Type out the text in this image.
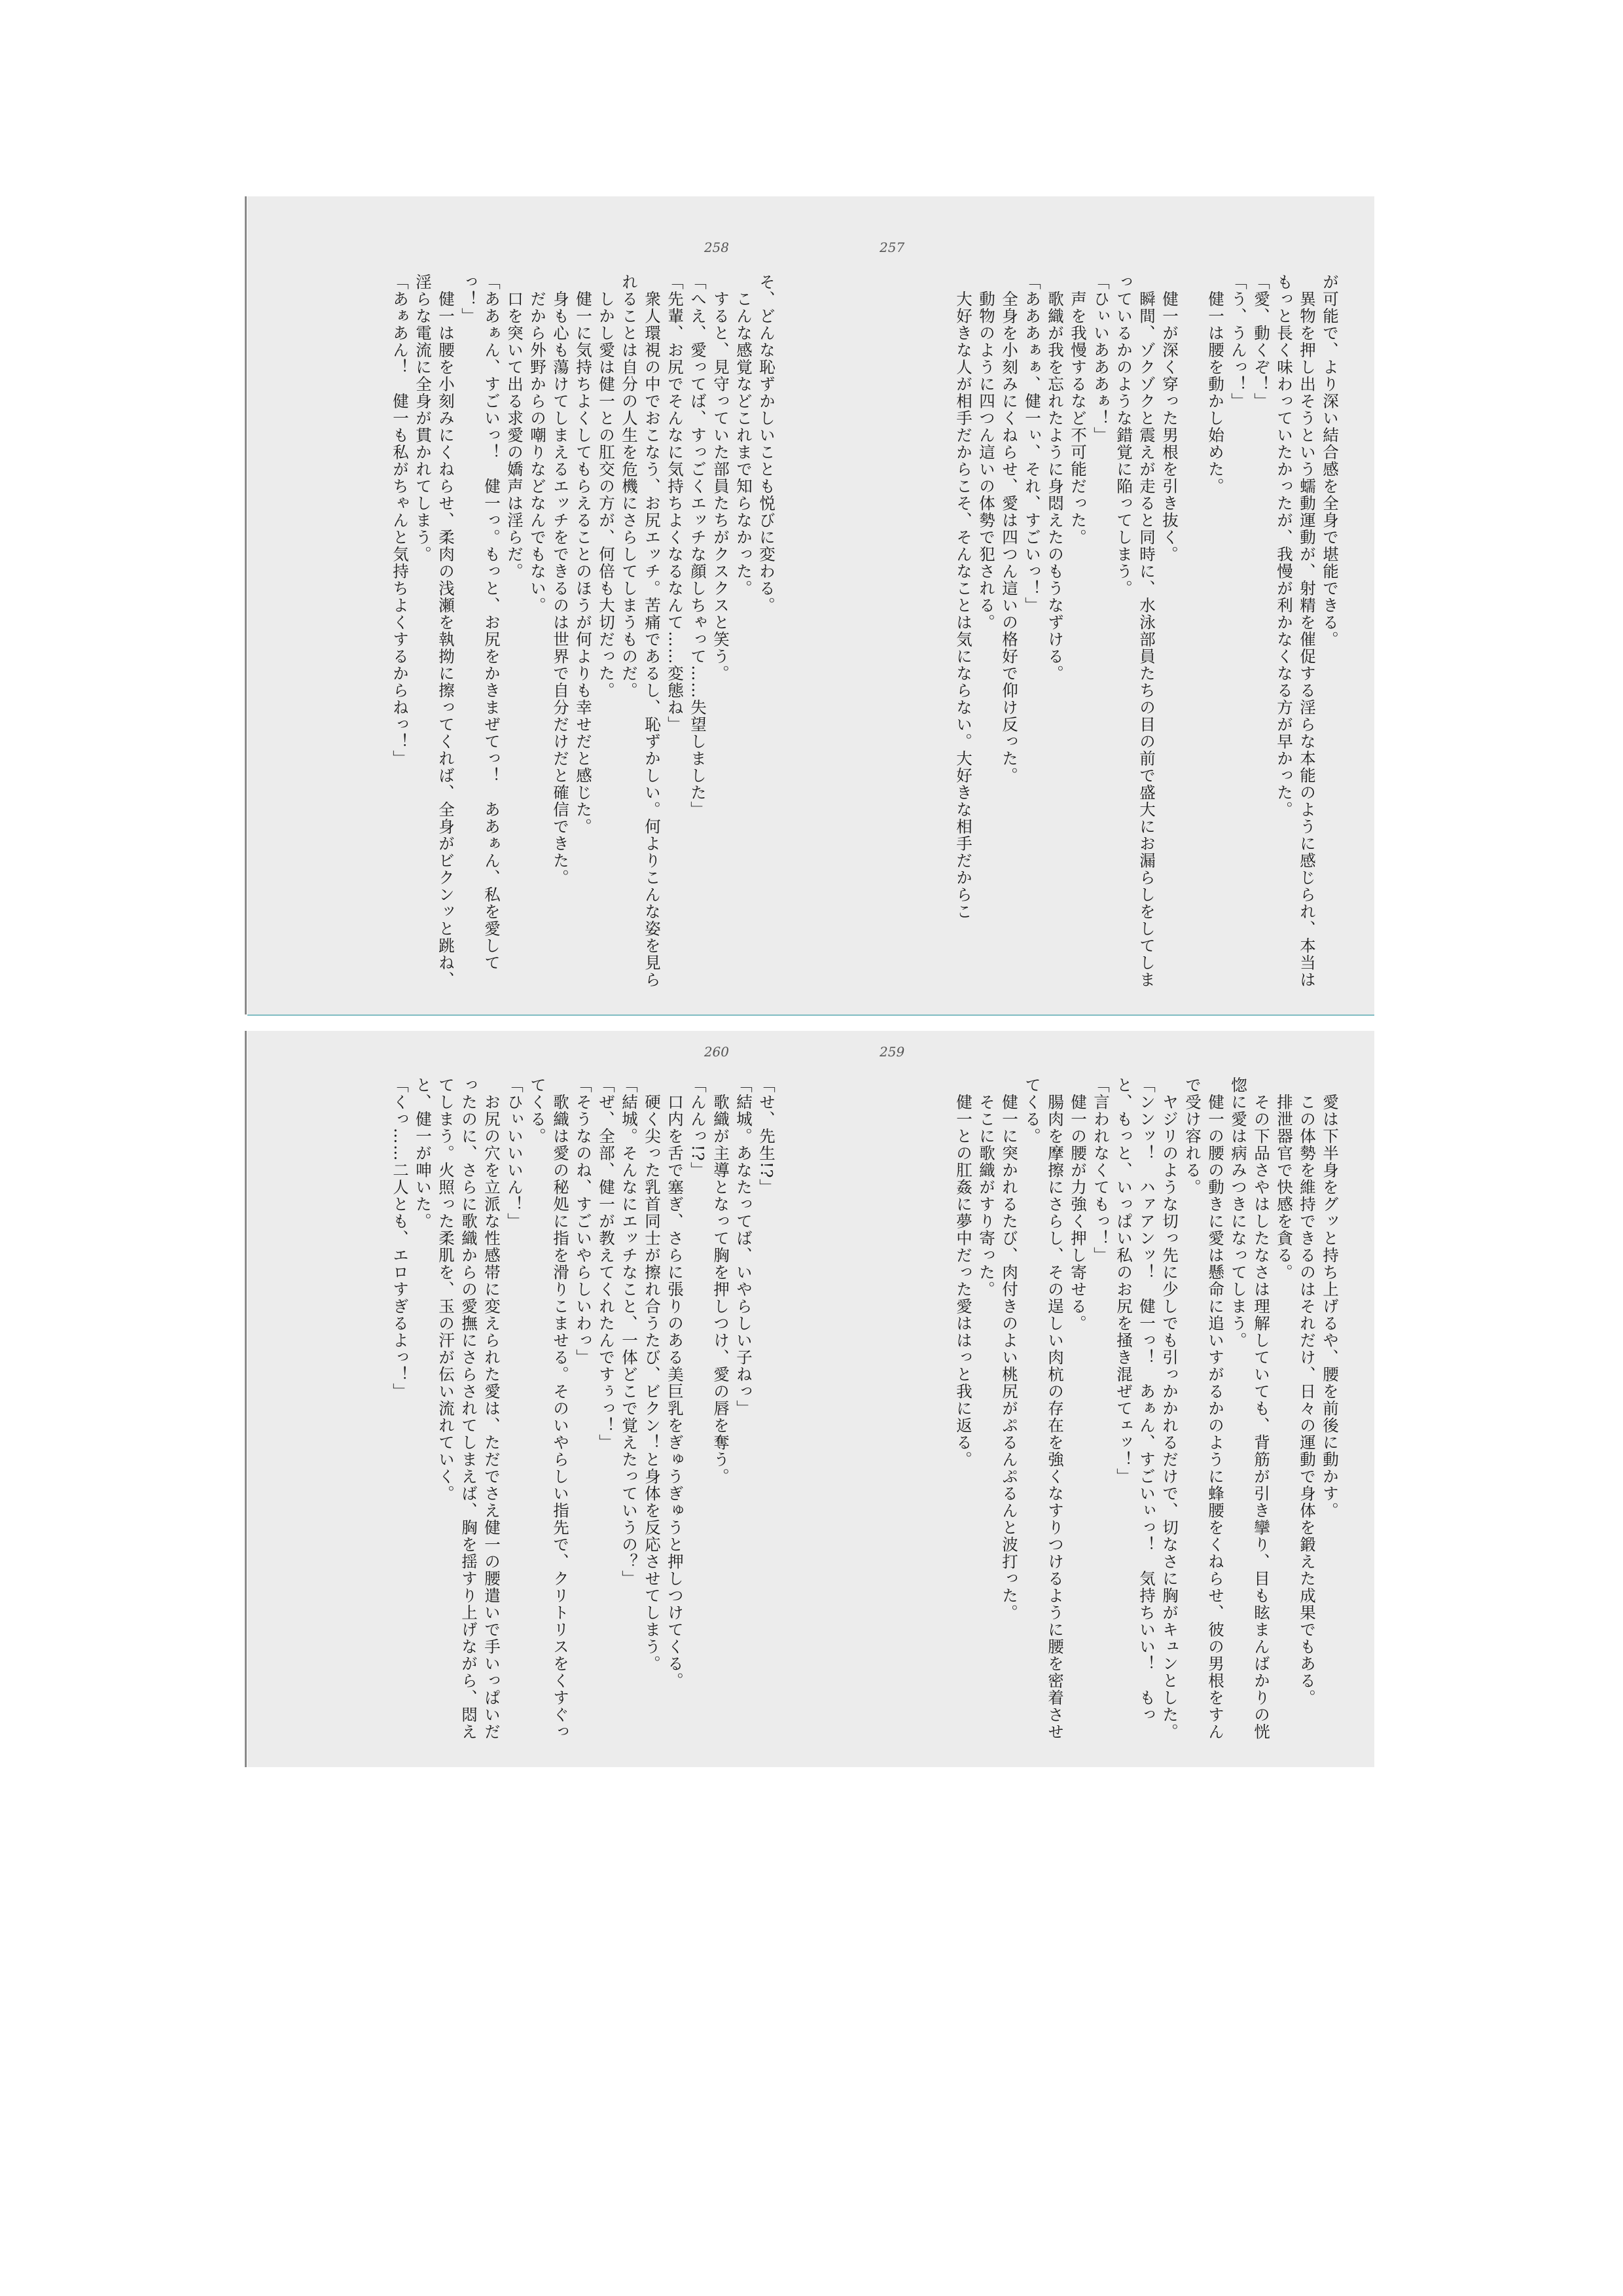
258

そ、どんな恥ずかしいことも悦びに変わる。

　こんな感覚などこれまで知らなかった。

　すると、見守っていた部員たちがクスクスと笑う。

「へえ、愛ってば、すっごくエッチな顔しちゃって……失望しました」

「先輩、お尻でそんなに気持ちよくなるなんて……変態ね」

　衆人環視の中でおこなう、お尻エッチ。苦痛であるし、恥ずかしい。何よりこんな姿を見られることは自分の人生を危機にさらしてしまうものだ。

　しかし愛は健一との肛交の方が、何倍も大切だった。

　健一に気持ちよくしてもらえることのほうが何よりも幸せだと感じた。

　身も心も蕩けてしまえるエッチをできるのは世界で自分だけだと確信できた。

　だから外野からの嘲りなどなんでもない。

　口を突いて出る求愛の嬌声は淫らだ。

「ああぁん、すごいっ！　健一っ。もっと、お尻をかきまぜてっ！　ああぁん、私を愛してっ！」

　健一は腰を小刻みにくねらせ、柔肉の浅瀬を執拗に擦ってくれば、全身がビクンッと跳ね、淫らな電流に全身が貫かれてしまう。

「あぁあん！　健一も私がちゃんと気持ちよくするからねっ！」

257

が可能で、より深い結合感を全身で堪能できる。

　異物を押し出そうという蠕動運動が、射精を催促する淫らな本能のように感じられ、本当はもっと長く味わっていたかったが、我慢が利かなくなる方が早かった。

「愛、動くぞ！」

「う、うんっ！」

　健一は腰を動かし始めた。

　健一が深く穿った男根を引き抜く。

　瞬間、ゾクゾクと震えが走ると同時に、水泳部員たちの目の前で盛大にお漏らしをしてしまっているかのような錯覚に陥ってしまう。

「ひぃいあああぁ！」

　声を我慢するなど不可能だった。

　歌織が我を忘れたように身悶えたのもうなずける。

「あああぁぁ、健一ぃ、それ、すごいっ！」

　全身を小刻みにくねらせ、愛は四つん這いの格好で仰け反った。

　動物のように四つん這いの体勢で犯される。

　大好きな人が相手だからこそ、そんなことは気にならない。大好きな相手だからこ

260

「せ、先生!?」

「結城。あなたってば、いやらしい子ねっ」

　歌織が主導となって胸を押しつけ、愛の唇を奪う。

「んんっ!?」

　口内を舌で塞ぎ、さらに張りのある美巨乳をぎゅうぎゅうと押しつけてくる。

　硬く尖った乳首同士が擦れ合うたび、ビクン！と身体を反応させてしまう。

「結城。そんなにエッチなこと、一体どこで覚えたっていうの？」

「ぜ、全部、健一が教えてくれたんですぅっ！」

「そうなのね、すごいやらしいわっ」

　歌織は愛の秘処に指を滑りこませる。そのいやらしい指先で、クリトリスをくすぐってくる。

「ひぃいいいん！」

　お尻の穴を立派な性感帯に変えられた愛は、ただでさえ健一の腰遣いで手いっぱいだったのに、さらに歌織からの愛撫にさらされてしまえば、胸を揺すり上げながら、悶えてしまう。火照った柔肌を、玉の汗が伝い流れていく。

と、健一が呻いた。

「くっ……二人とも、エロすぎるよっ！」

259

　愛は下半身をグッと持ち上げるや、腰を前後に動かす。

　この体勢を維持できるのはそれだけ、日々の運動で身体を鍛えた成果でもある。

　排泄器官で快感を貪る。

　その下品さやはしたなさは理解していても、背筋が引き攣り、目も眩まんばかりの恍惚に愛は病みつきになってしまう。

　健一の腰の動きに愛は懸命に追いすがるかのように蜂腰をくねらせ、彼の男根をすんで受け容れる。

　ヤジリのような切っ先に少しでも引っかかれるだけで、切なさに胸がキュンとした。

「ンンッ！　ハァアンッ！　健一っ！　あぁん、すごいぃっ！　気持ちいい！　もっと、もっと、いっぱい私のお尻を掻き混ぜてェッ！」

「言われなくてもっ！」

　健一の腰が力強く押し寄せる。

　腸肉を摩擦にさらし、その逞しい肉杭の存在を強くなすりつけるように腰を密着させてくる。

　健一に突かれるたび、肉付きのよい桃尻がぷるんぷるんと波打った。

　そこに歌織がすり寄った。

　健一との肛姦に夢中だった愛ははっと我に返る。
